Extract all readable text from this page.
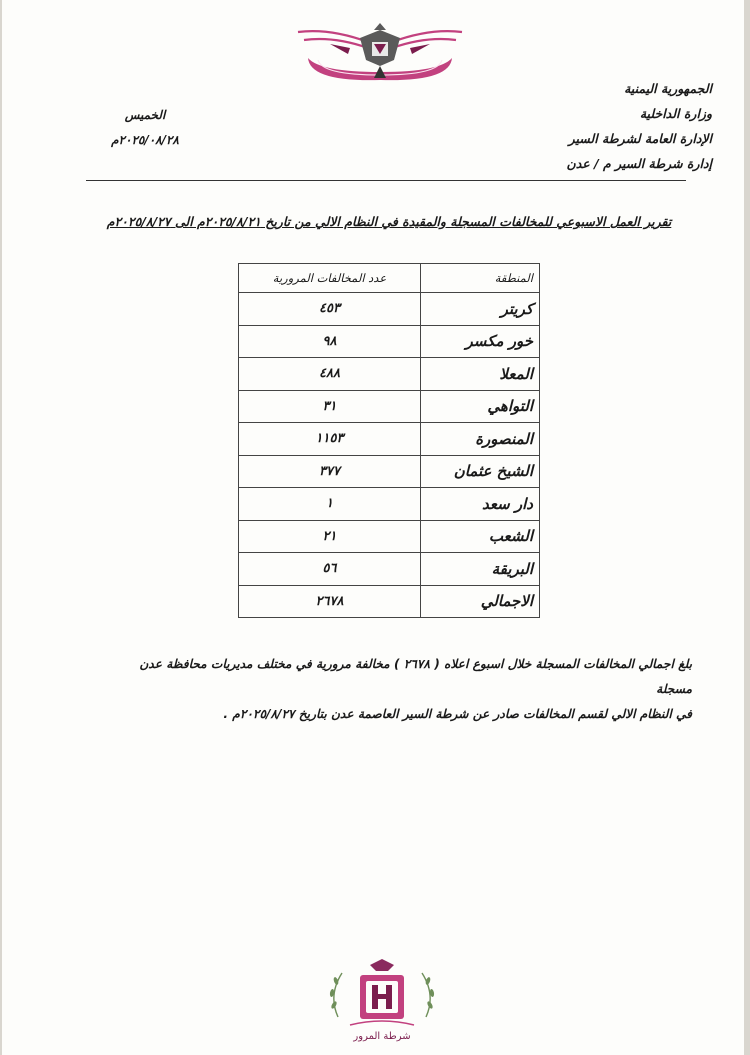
الجمهورية اليمنية
وزارة الداخلية
الإدارة العامة لشرطة السير
إدارة شرطة السير م / عدن
الخميس
٢٠٢٥/٠٨/٢٨م
تقرير العمل الاسبوعي للمخالفات المسجلة والمقيدة في النظام الالي من تاريخ ٢٠٢٥/٨/٢١م الى ٢٠٢٥/٨/٢٧م
المنطقة	عدد المخالفات المرورية
كريتر	٤٥٣
خور مكسر	٩٨
المعلا	٤٨٨
التواهي	٣١
المنصورة	١١٥٣
الشيخ عثمان	٣٧٧
دار سعد	١
الشعب	٢١
البريقة	٥٦
الاجمالي	٢٦٧٨
بلغ اجمالي المخالفات المسجلة خلال اسبوع اعلاه ( ٢٦٧٨ ) مخالفة مرورية في مختلف مديريات محافظة عدن مسجلة
في النظام الالي لقسم المخالفات صادر عن شرطة السير العاصمة عدن بتاريخ ٢٠٢٥/٨/٢٧م .
شرطة المرور
